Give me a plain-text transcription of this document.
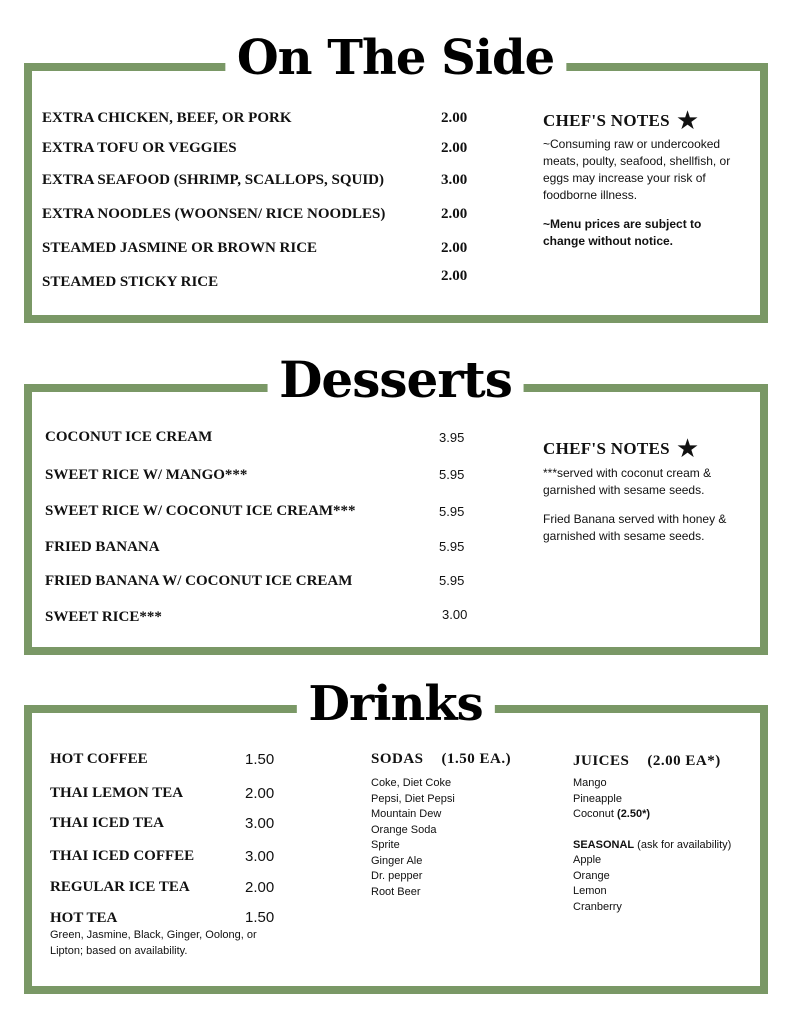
On The Side
EXTRA CHICKEN, BEEF, OR PORK	2.00
EXTRA TOFU OR VEGGIES	2.00
EXTRA SEAFOOD (SHRIMP, SCALLOPS, SQUID)	3.00
EXTRA NOODLES (WOONSEN/ RICE NOODLES)	2.00
STEAMED JASMINE OR BROWN RICE	2.00
STEAMED STICKY RICE	2.00
CHEF'S NOTES ★
~Consuming raw or undercooked meats, poulty, seafood, shellfish, or eggs may increase your risk of foodborne illness.
~Menu prices are subject to change without notice.
Desserts
COCONUT ICE CREAM	3.95
SWEET RICE W/ MANGO***	5.95
SWEET RICE W/ COCONUT ICE CREAM***	5.95
FRIED BANANA	5.95
FRIED BANANA W/ COCONUT ICE CREAM	5.95
SWEET RICE***	3.00
CHEF'S NOTES ★
***served with coconut cream & garnished with sesame seeds.
Fried Banana served with honey & garnished with sesame seeds.
Drinks
HOT COFFEE	1.50
THAI LEMON TEA	2.00
THAI ICED TEA	3.00
THAI ICED COFFEE	3.00
REGULAR ICE TEA	2.00
HOT TEA	1.50
Green, Jasmine, Black, Ginger, Oolong, or Lipton; based on availability.
SODAS (1.50 EA.)
Coke, Diet Coke
Pepsi, Diet Pepsi
Mountain Dew
Orange Soda
Sprite
Ginger Ale
Dr. pepper
Root Beer
JUICES (2.00 EA*)
Mango
Pineapple
Coconut (2.50*)
SEASONAL (ask for availability)
Apple
Orange
Lemon
Cranberry
